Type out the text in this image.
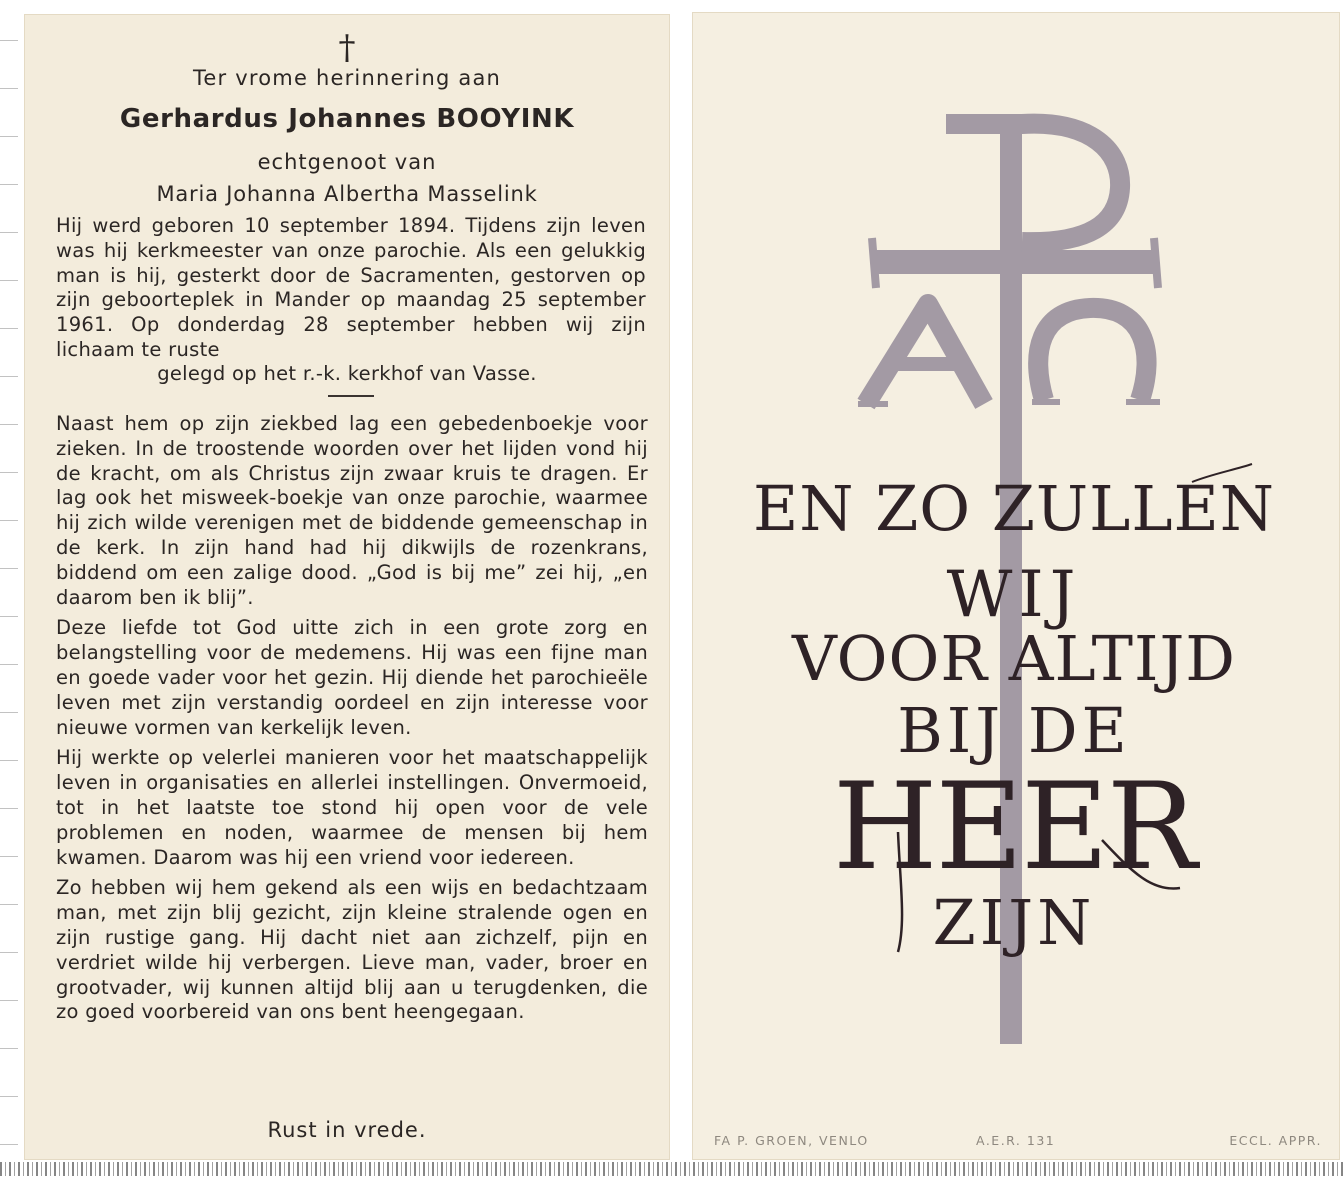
†
Ter vrome herinnering aan
Gerhardus Johannes BOOYINK
echtgenoot van
Maria Johanna Albertha Masselink
Hij werd geboren 10 september 1894. Tijdens zijn leven was hij kerkmeester van onze parochie. Als een gelukkig man is hij, gesterkt door de Sacramenten, gestorven op zijn geboorteplek in Mander op maandag 25 september 1961. Op donderdag 28 september hebben wij zijn lichaam te ruste
gelegd op het r.-k. kerkhof van Vasse.

Naast hem op zijn ziekbed lag een gebedenboekje voor zieken. In de troostende woorden over het lijden vond hij de kracht, om als Christus zijn zwaar kruis te dragen. Er lag ook het misweek-boekje van onze parochie, waarmee hij zich wilde verenigen met de biddende gemeenschap in de kerk. In zijn hand had hij dikwijls de rozenkrans, biddend om een zalige dood. „God is bij me” zei hij, „en daarom ben ik blij”.

Deze liefde tot God uitte zich in een grote zorg en belangstelling voor de medemens. Hij was een fijne man en goede vader voor het gezin. Hij diende het parochieële leven met zijn verstandig oordeel en zijn interesse voor nieuwe vormen van kerkelijk leven.

Hij werkte op velerlei manieren voor het maatschappelijk leven in organisaties en allerlei instellingen. Onvermoeid, tot in het laatste toe stond hij open voor de vele problemen en noden, waarmee de mensen bij hem kwamen. Daarom was hij een vriend voor iedereen.

Zo hebben wij hem gekend als een wijs en bedachtzaam man, met zijn blij gezicht, zijn kleine stralende ogen en zijn rustige gang. Hij dacht niet aan zichzelf, pijn en verdriet wilde hij verbergen. Lieve man, vader, broer en grootvader, wij kunnen altijd blij aan u terugdenken, die zo goed voorbereid van ons bent heengegaan.

Rust in vrede.
EN ZO ZULLEN
WIJ
VOOR ALTIJD
BIJ DE
HEER
ZIJN
FA P. GROEN, VENLO	A.E.R. 131	ECCL. APPR.
